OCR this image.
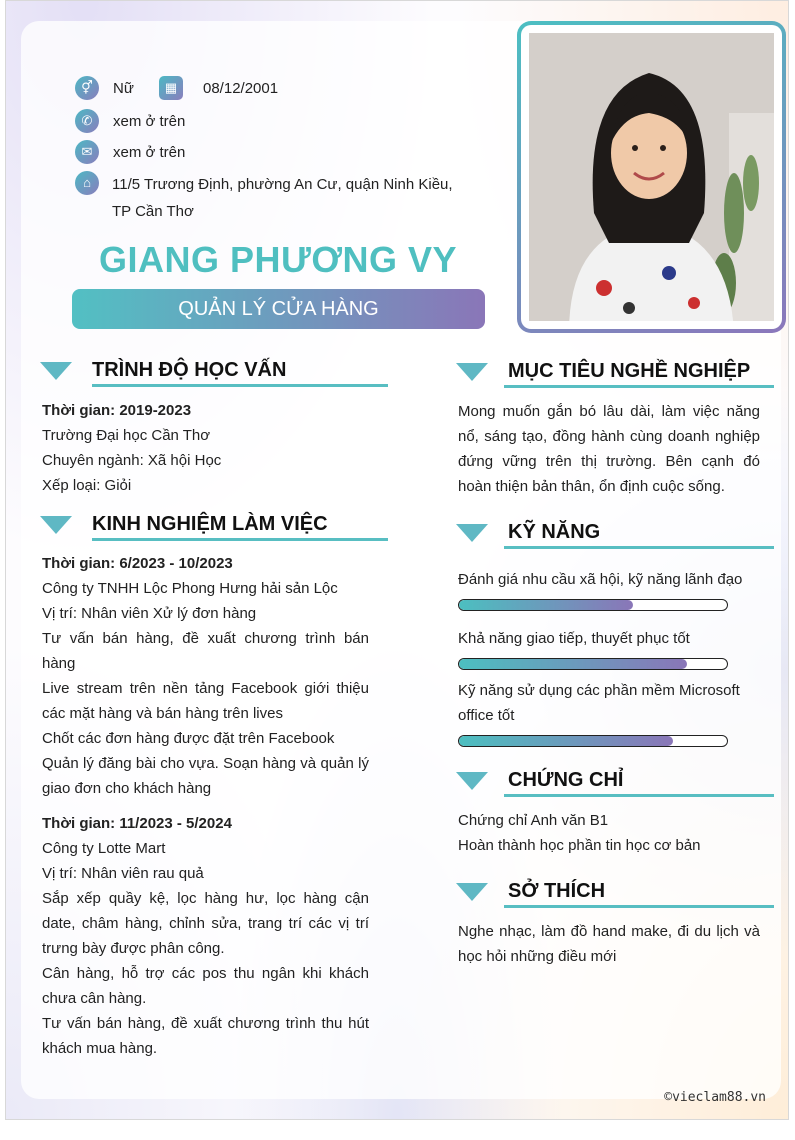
⚥	Nữ	▦	08/12/2001
✆	xem ở trên
✉	xem ở trên
⌂	11/5 Trương Định, phường An Cư, quận Ninh Kiều,
TP Cần Thơ
GIANG PHƯƠNG VY
QUẢN LÝ CỬA HÀNG
TRÌNH ĐỘ HỌC VẤN
Thời gian: 2019-2023
Trường Đại học Cần Thơ
Chuyên ngành: Xã hội Học
Xếp loại: Giỏi
KINH NGHIỆM LÀM VIỆC
Thời gian: 6/2023 - 10/2023
Công ty TNHH Lộc Phong Hưng hải sản Lộc
Vị trí: Nhân viên Xử lý đơn hàng
Tư vấn bán hàng, đề xuất chương trình bán hàng
Live stream trên nền tảng Facebook giới thiệu các mặt hàng và bán hàng trên lives
Chốt các đơn hàng được đặt trên Facebook
Quản lý đăng bài cho vựa. Soạn hàng và quản lý giao đơn cho khách hàng
Thời gian: 11/2023 - 5/2024
Công ty Lotte Mart
Vị trí: Nhân viên rau quả
Sắp xếp quầy kệ, lọc hàng hư, lọc hàng cận date, châm hàng, chỉnh sửa, trang trí các vị trí trưng bày được phân công.
Cân hàng, hỗ trợ các pos thu ngân khi khách chưa cân hàng.
Tư vấn bán hàng, đề xuất chương trình thu hút khách mua hàng.
MỤC TIÊU NGHỀ NGHIỆP
Mong muốn gắn bó lâu dài, làm việc năng nổ, sáng tạo, đồng hành cùng doanh nghiệp đứng vững trên thị trường. Bên cạnh đó hoàn thiện bản thân, ổn định cuộc sống.
KỸ NĂNG
Đánh giá nhu cầu xã hội, kỹ năng lãnh đạo
Khả năng giao tiếp, thuyết phục tốt
Kỹ năng sử dụng các phần mềm Microsoft office tốt
CHỨNG CHỈ
Chứng chỉ Anh văn B1
Hoàn thành học phần tin học cơ bản
SỞ THÍCH
Nghe nhạc, làm đồ hand make, đi du lịch và học hỏi những điều mới
©vieclam88.vn
